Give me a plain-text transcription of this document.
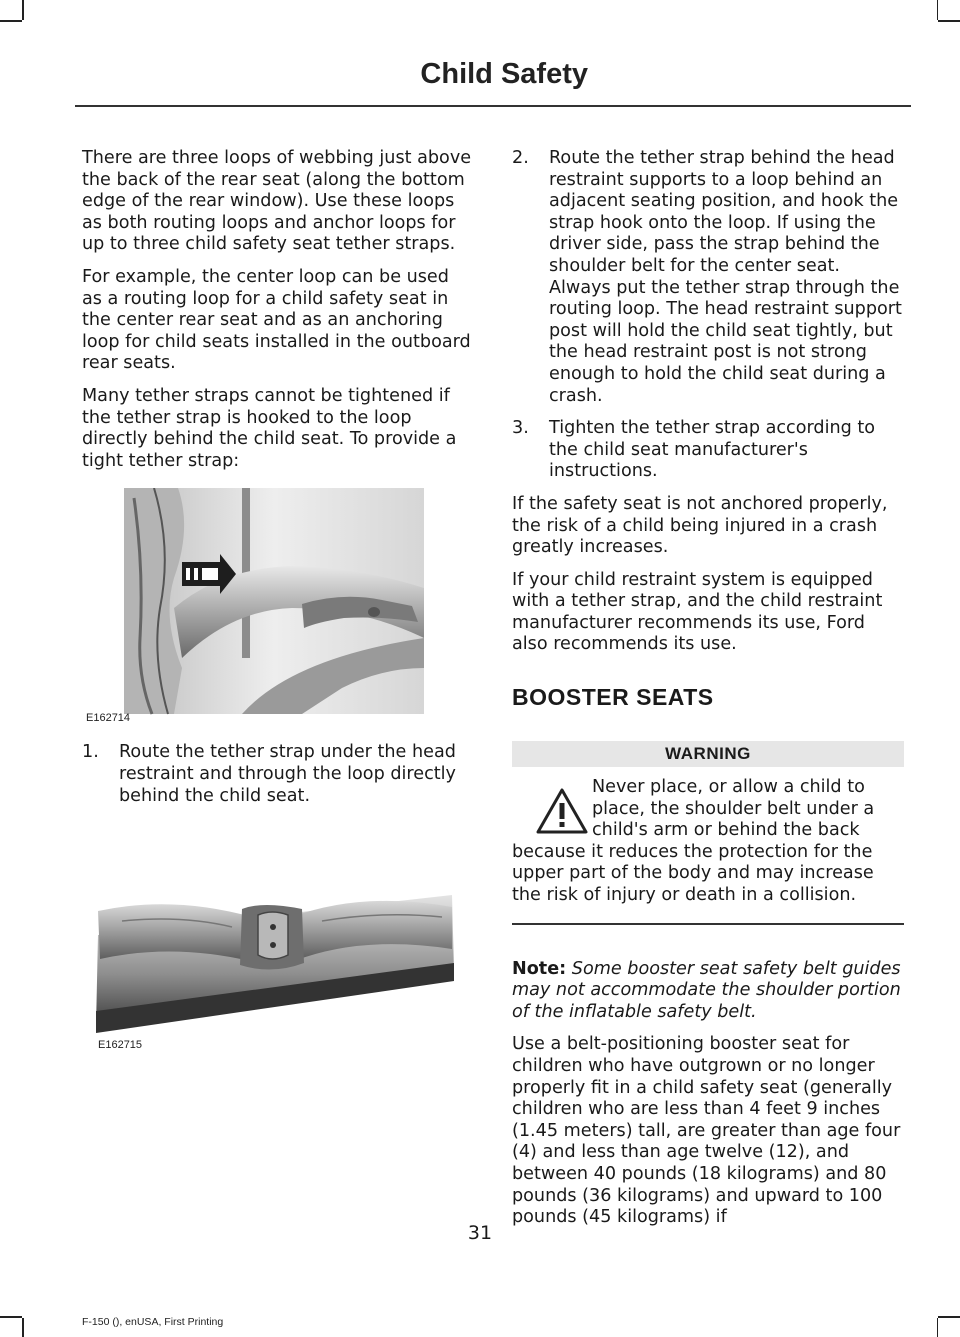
Child Safety

There are three loops of webbing just above the back of the rear seat (along the bottom edge of the rear window). Use these loops as both routing loops and anchor loops for up to three child safety seat tether straps.

For example, the center loop can be used as a routing loop for a child safety seat in the center rear seat and as an anchoring loop for child seats installed in the outboard rear seats.

Many tether straps cannot be tightened if the tether strap is hooked to the loop directly behind the child seat. To provide a tight tether strap:

E162714
1. Route the tether strap under the head restraint and through the loop directly behind the child seat.
E162715
2. Route the tether strap behind the head restraint supports to a loop behind an adjacent seating position, and hook the strap hook onto the loop. If using the driver side, pass the strap behind the shoulder belt for the center seat. Always put the tether strap through the routing loop. The head restraint support post will hold the child seat tightly, but the head restraint post is not strong enough to hold the child seat during a crash.
3. Tighten the tether strap according to the child seat manufacturer's instructions.

If the safety seat is not anchored properly, the risk of a child being injured in a crash greatly increases.

If your child restraint system is equipped with a tether strap, and the child restraint manufacturer recommends its use, Ford also recommends its use.

BOOSTER SEATS
WARNING
Never place, or allow a child to place, the shoulder belt under a child's arm or behind the back because it reduces the protection for the upper part of the body and may increase the risk of injury or death in a collision.
Note: Some booster seat safety belt guides may not accommodate the shoulder portion of the inflatable safety belt.

Use a belt-positioning booster seat for children who have outgrown or no longer properly fit in a child safety seat (generally children who are less than 4 feet 9 inches (1.45 meters) tall, are greater than age four (4) and less than age twelve (12), and between 40 pounds (18 kilograms) and 80 pounds (36 kilograms) and upward to 100 pounds (45 kilograms) if

31
F-150 (), enUSA, First Printing
